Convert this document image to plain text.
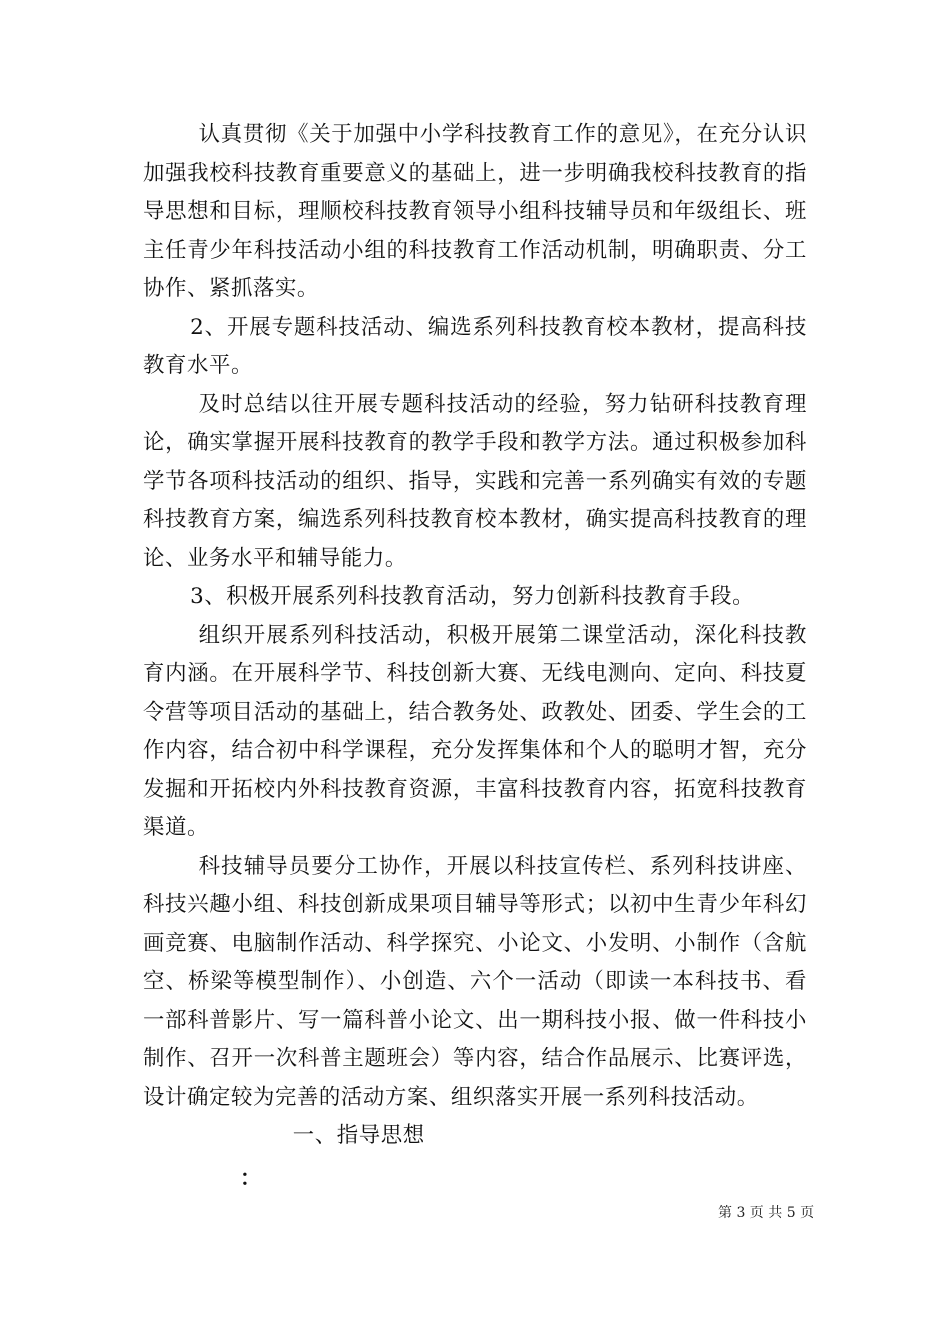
认真贯彻《关于加强中小学科技教育工作的意见》，在充分认识加强我校科技教育重要意义的基础上，进一步明确我校科技教育的指导思想和目标，理顺校科技教育领导小组科技辅导员和年级组长、班主任青少年科技活动小组的科技教育工作活动机制，明确职责、分工协作、紧抓落实。

2、开展专题科技活动、编选系列科技教育校本教材，提高科技教育水平。

及时总结以往开展专题科技活动的经验，努力钻研科技教育理论，确实掌握开展科技教育的教学手段和教学方法。通过积极参加科学节各项科技活动的组织、指导，实践和完善一系列确实有效的专题科技教育方案，编选系列科技教育校本教材，确实提高科技教育的理论、业务水平和辅导能力。

3、积极开展系列科技教育活动，努力创新科技教育手段。

组织开展系列科技活动，积极开展第二课堂活动，深化科技教育内涵。在开展科学节、科技创新大赛、无线电测向、定向、科技夏令营等项目活动的基础上，结合教务处、政教处、团委、学生会的工作内容，结合初中科学课程，充分发挥集体和个人的聪明才智，充分发掘和开拓校内外科技教育资源，丰富科技教育内容，拓宽科技教育渠道。

科技辅导员要分工协作，开展以科技宣传栏、系列科技讲座、科技兴趣小组、科技创新成果项目辅导等形式；以初中生青少年科幻画竞赛、电脑制作活动、科学探究、小论文、小发明、小制作（含航空、桥梁等模型制作）、小创造、六个一活动（即读一本科技书、看一部科普影片、写一篇科普小论文、出一期科技小报、做一件科技小制作、召开一次科普主题班会）等内容，结合作品展示、比赛评选，设计确定较为完善的活动方案、组织落实开展一系列科技活动。

一、指导思想

：
第 3 页 共 5 页
